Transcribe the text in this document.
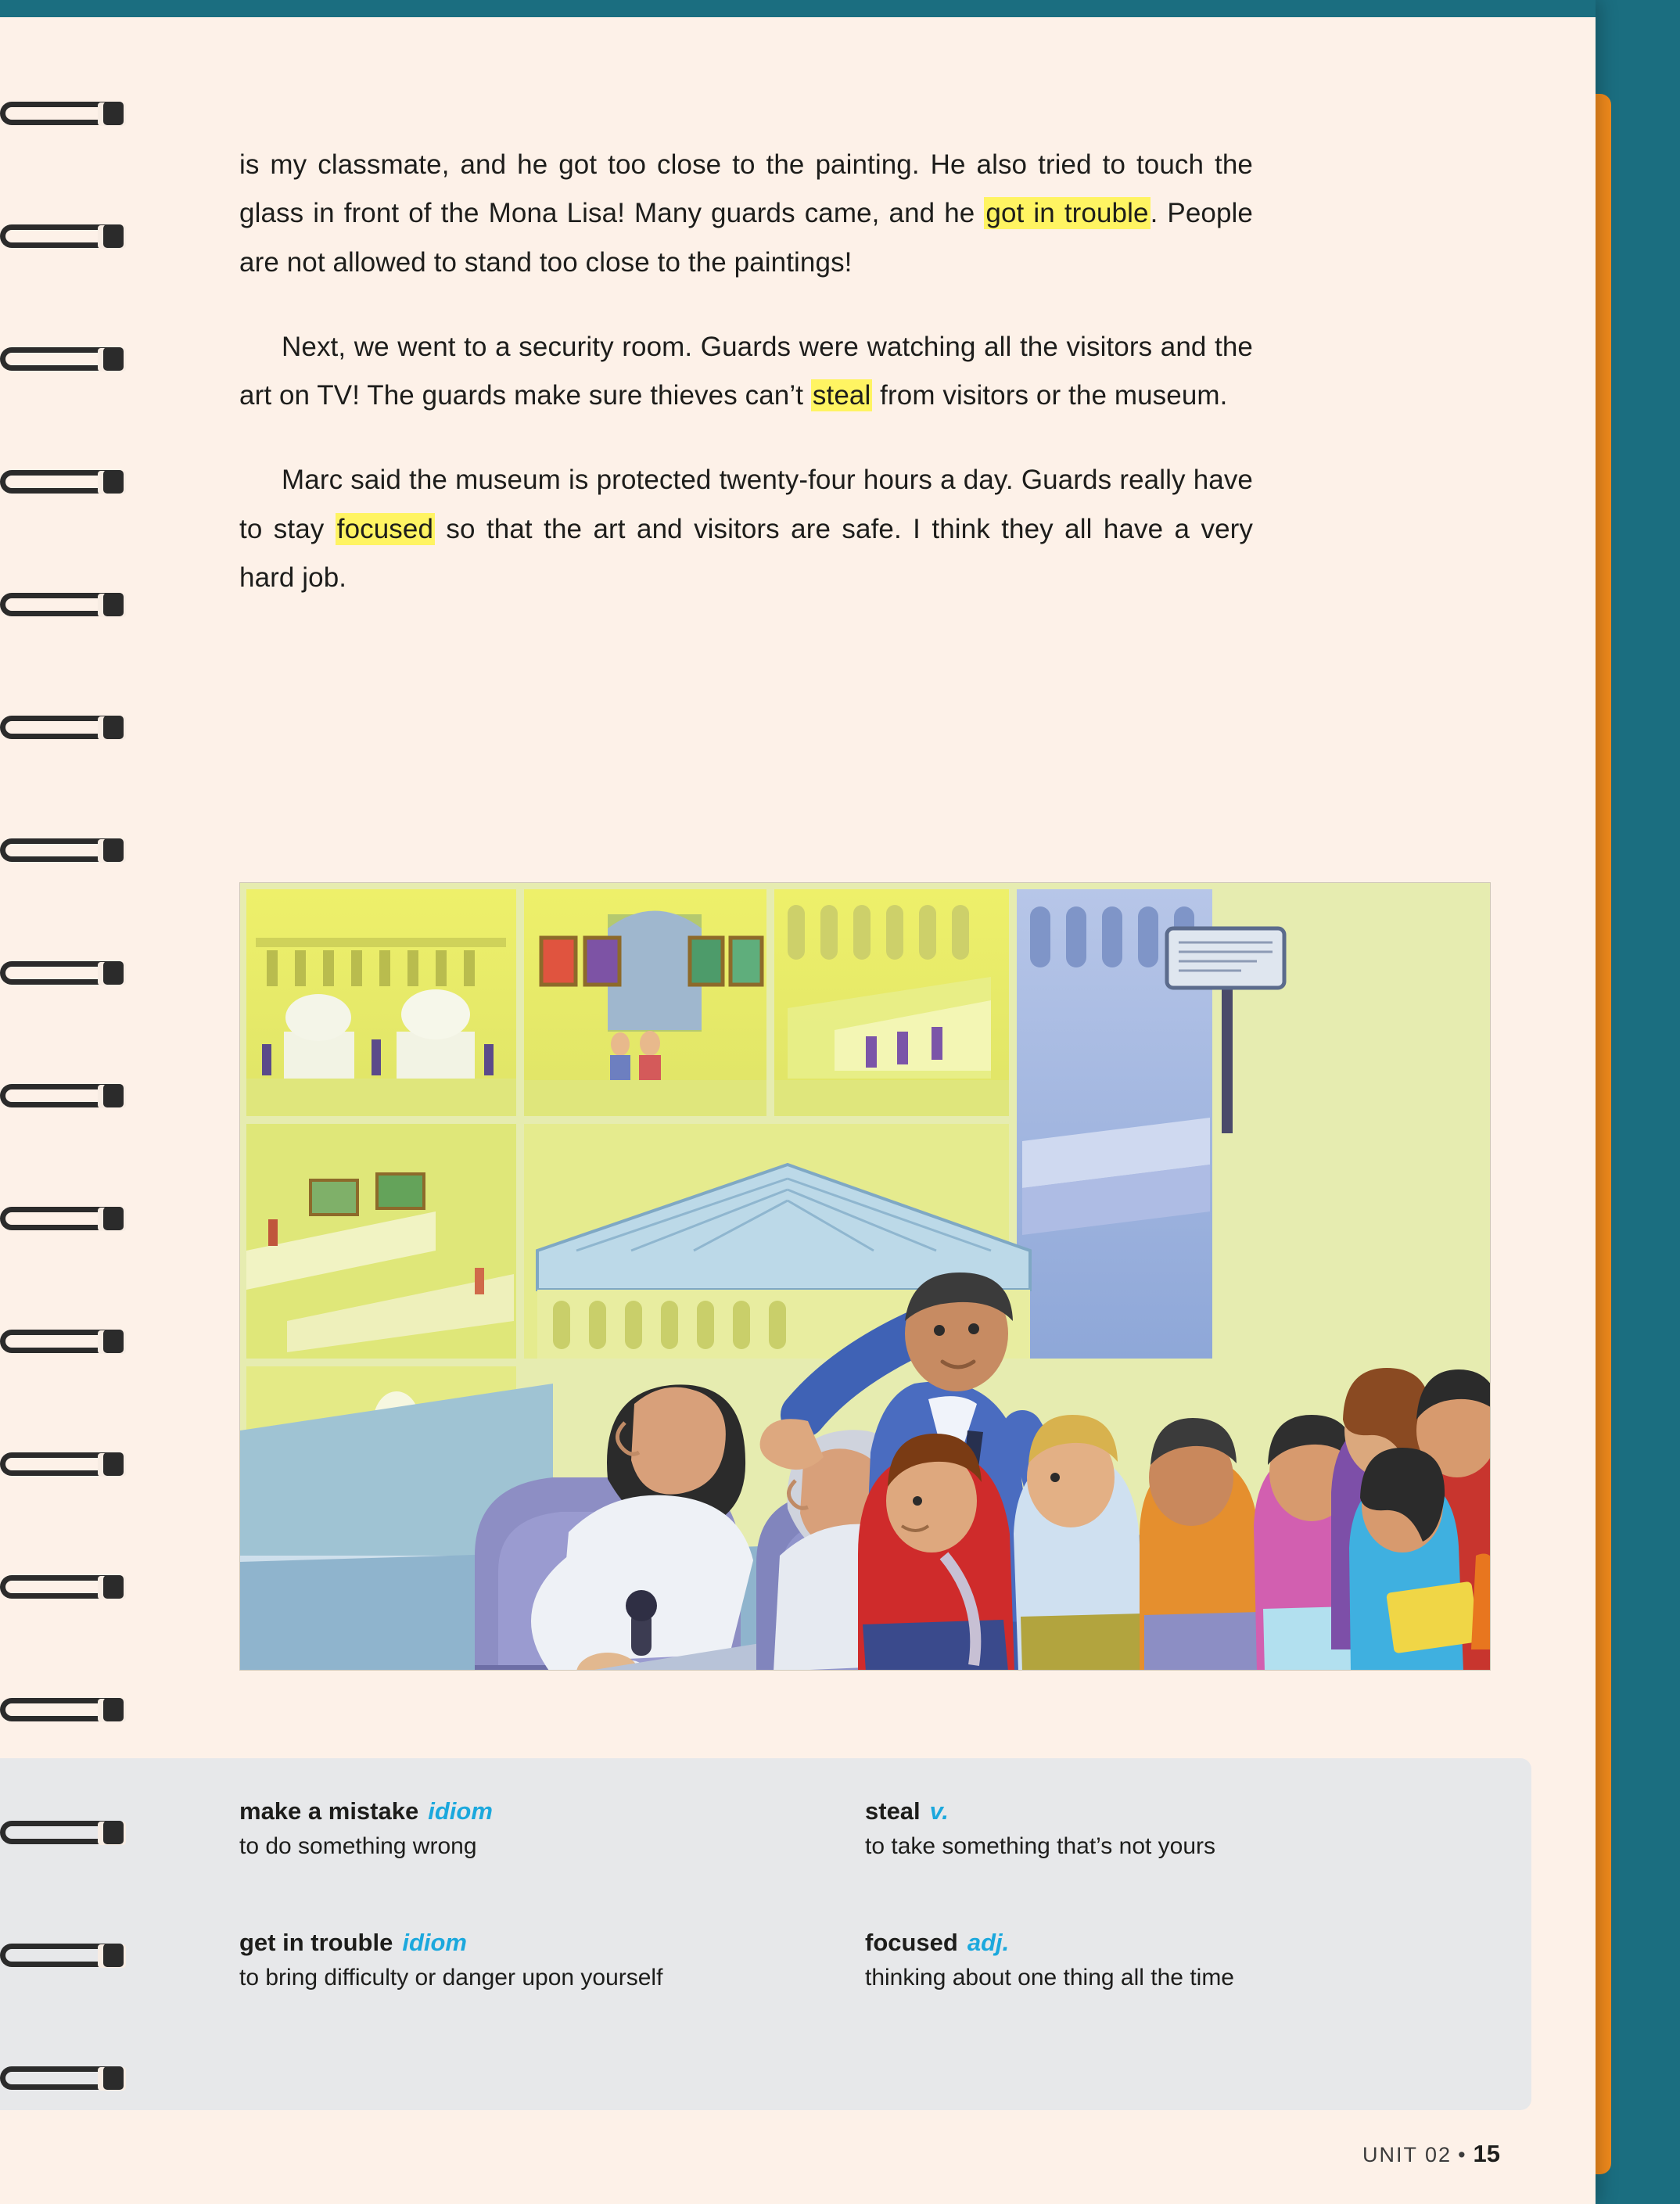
is my classmate, and he got too close to the painting. He also tried to touch the glass in front of the Mona Lisa! Many guards came, and he got in trouble. People are not allowed to stand too close to the paintings!

Next, we went to a security room. Guards were watching all the visitors and the art on TV! The guards make sure thieves can’t steal from visitors or the museum.

Marc said the museum is protected twenty-four hours a day. Guards really have to stay focused so that the art and visitors are safe. I think they all have a very hard job.

make a mistake idiom
to do something wrong
steal v.
to take something that’s not yours
get in trouble idiom
to bring difficulty or danger upon yourself
focused adj.
thinking about one thing all the time
UNIT 02 • 15
